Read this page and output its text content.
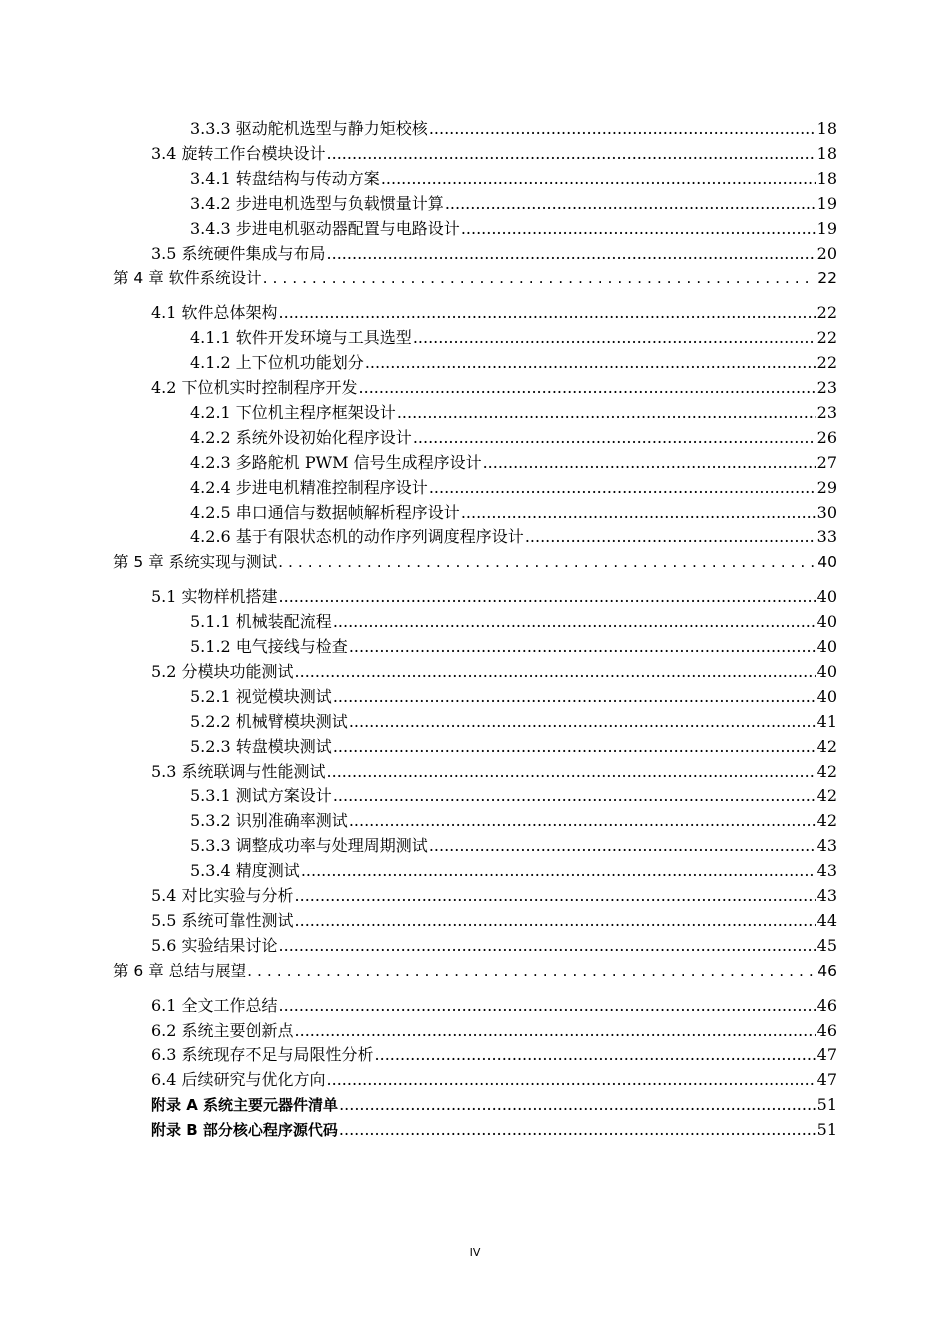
3.3.3 驱动舵机选型与静力矩校核 .....	18
3.4 旋转工作台模块设计 .....	18
3.4.1 转盘结构与传动方案 .....	18
3.4.2 步进电机选型与负载惯量计算 .....	19
3.4.3 步进电机驱动器配置与电路设计 .....	19
3.5 系统硬件集成与布局 .....	20
第 4 章 软件系统设计 . . .	22
4.1 软件总体架构 .....	22
4.1.1 软件开发环境与工具选型 .....	22
4.1.2 上下位机功能划分 .....	22
4.2 下位机实时控制程序开发 .....	23
4.2.1 下位机主程序框架设计 .....	23
4.2.2 系统外设初始化程序设计 .....	26
4.2.3 多路舵机 PWM 信号生成程序设计 .....	27
4.2.4 步进电机精准控制程序设计 .....	29
4.2.5 串口通信与数据帧解析程序设计 .....	30
4.2.6 基于有限状态机的动作序列调度程序设计 .....	33
第 5 章 系统实现与测试 . . .	40
5.1 实物样机搭建 .....	40
5.1.1 机械装配流程 .....	40
5.1.2 电气接线与检查 .....	40
5.2 分模块功能测试 .....	40
5.2.1 视觉模块测试 .....	40
5.2.2 机械臂模块测试 .....	41
5.2.3 转盘模块测试 .....	42
5.3 系统联调与性能测试 .....	42
5.3.1 测试方案设计 .....	42
5.3.2 识别准确率测试 .....	42
5.3.3 调整成功率与处理周期测试 .....	43
5.3.4 精度测试 .....	43
5.4 对比实验与分析 .....	43
5.5 系统可靠性测试 .....	44
5.6 实验结果讨论 .....	45
第 6 章 总结与展望 . . .	46
6.1 全文工作总结 .....	46
6.2 系统主要创新点 .....	46
6.3 系统现存不足与局限性分析 .....	47
6.4 后续研究与优化方向 .....	47
附录 A 系统主要元器件清单 .....	51
附录 B 部分核心程序源代码 .....	51
IV
